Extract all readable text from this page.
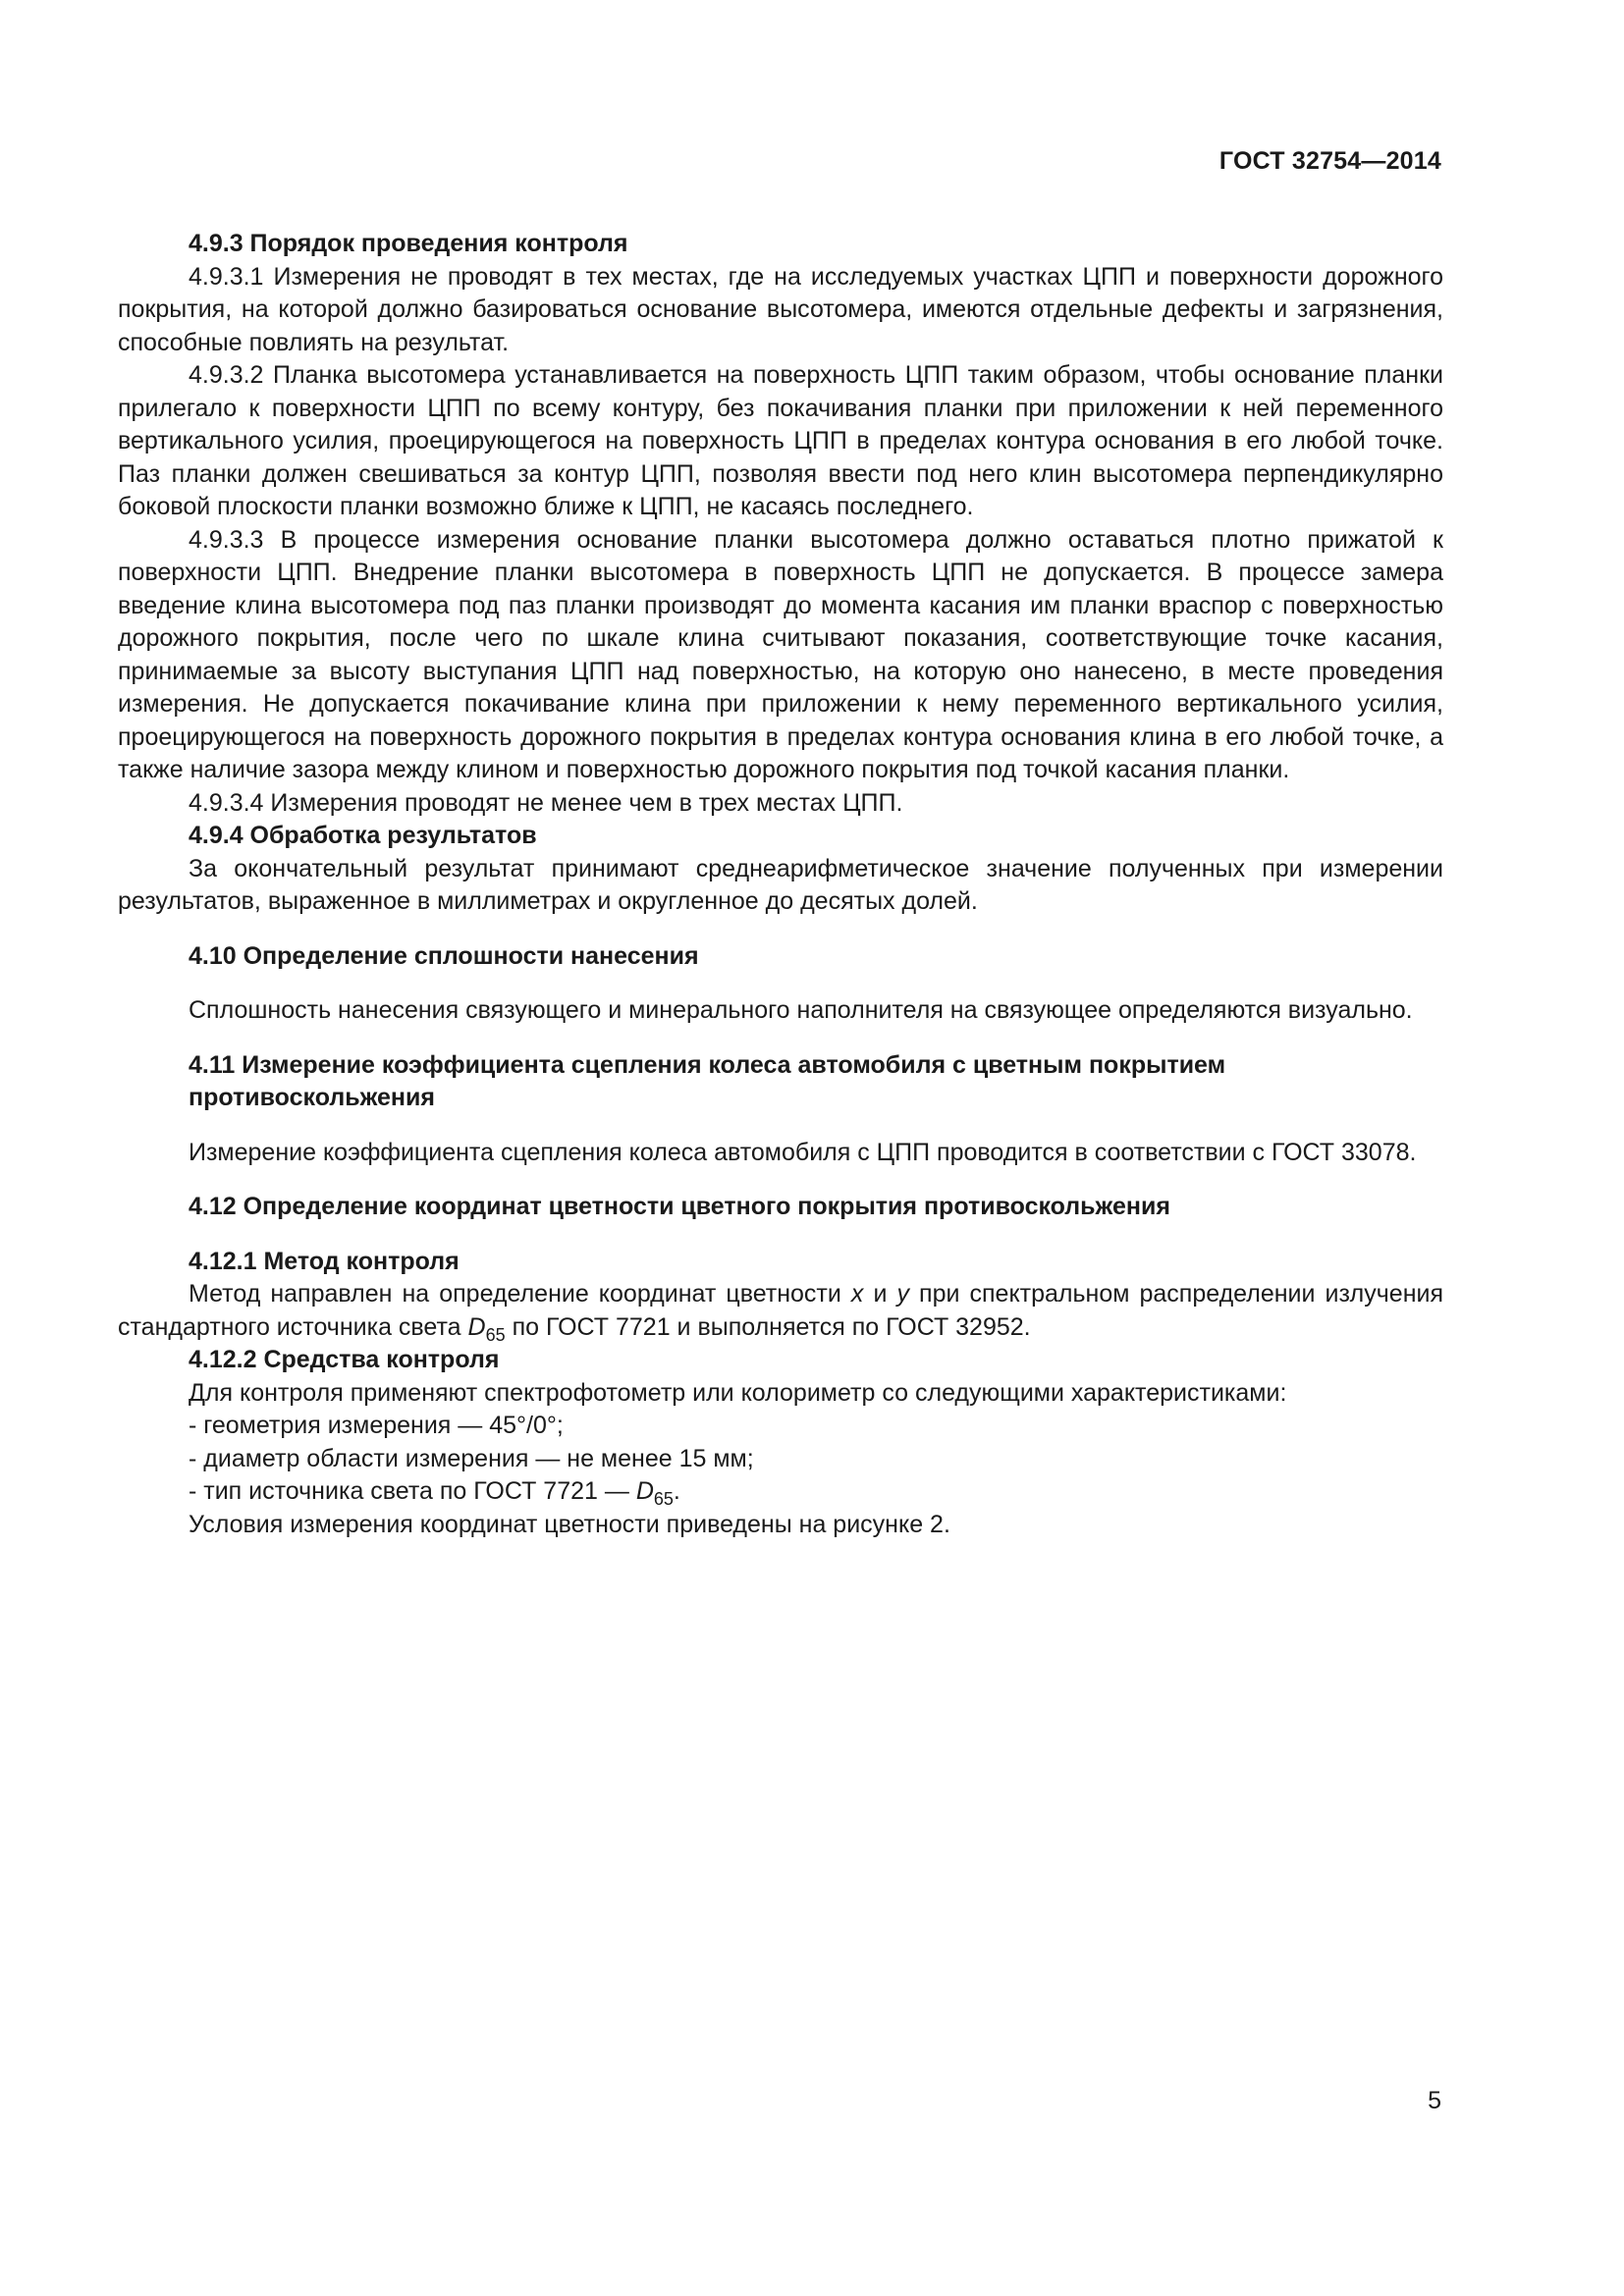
ГОСТ 32754—2014

4.9.3 Порядок проведения контроля

4.9.3.1 Измерения не проводят в тех местах, где на исследуемых участках ЦПП и поверхности дорожного покрытия, на которой должно базироваться основание высотомера, имеются отдельные дефекты и загрязнения, способные повлиять на результат.

4.9.3.2 Планка высотомера устанавливается на поверхность ЦПП таким образом, чтобы основание планки прилегало к поверхности ЦПП по всему контуру, без покачивания планки при приложении к ней переменного вертикального усилия, проецирующегося на поверхность ЦПП в пределах контура основания в его любой точке. Паз планки должен свешиваться за контур ЦПП, позволяя ввести под него клин высотомера перпендикулярно боковой плоскости планки возможно ближе к ЦПП, не касаясь последнего.

4.9.3.3 В процессе измерения основание планки высотомера должно оставаться плотно прижатой к поверхности ЦПП. Внедрение планки высотомера в поверхность ЦПП не допускается. В процессе замера введение клина высотомера под паз планки производят до момента касания им планки враспор с поверхностью дорожного покрытия, после чего по шкале клина считывают показания, соответствующие точке касания, принимаемые за высоту выступания ЦПП над поверхностью, на которую оно нанесено, в месте проведения измерения. Не допускается покачивание клина при приложении к нему переменного вертикального усилия, проецирующегося на поверхность дорожного покрытия в пределах контура основания клина в его любой точке, а также наличие зазора между клином и поверхностью дорожного покрытия под точкой касания планки.

4.9.3.4 Измерения проводят не менее чем в трех местах ЦПП.

4.9.4 Обработка результатов

За окончательный результат принимают среднеарифметическое значение полученных при измерении результатов, выраженное в миллиметрах и округленное до десятых долей.

4.10 Определение сплошности нанесения

Сплошность нанесения связующего и минерального наполнителя на связующее определяются визуально.

4.11 Измерение коэффициента сцепления колеса автомобиля с цветным покрытием

противоскольжения

Измерение коэффициента сцепления колеса автомобиля с ЦПП проводится в соответствии с ГОСТ 33078.

4.12 Определение координат цветности цветного покрытия противоскольжения

4.12.1 Метод контроля

Метод направлен на определение координат цветности x и y при спектральном распределении излучения стандартного источника света $D_{65}$ по ГОСТ 7721 и выполняется по ГОСТ 32952.

4.12.2 Средства контроля

Для контроля применяют спектрофотометр или колориметр со следующими характеристиками:

- геометрия измерения — 45°/0°;

- диаметр области измерения — не менее 15 мм;

- тип источника света по ГОСТ 7721 — $D_{65}$.

Условия измерения координат цветности приведены на рисунке 2.

5
